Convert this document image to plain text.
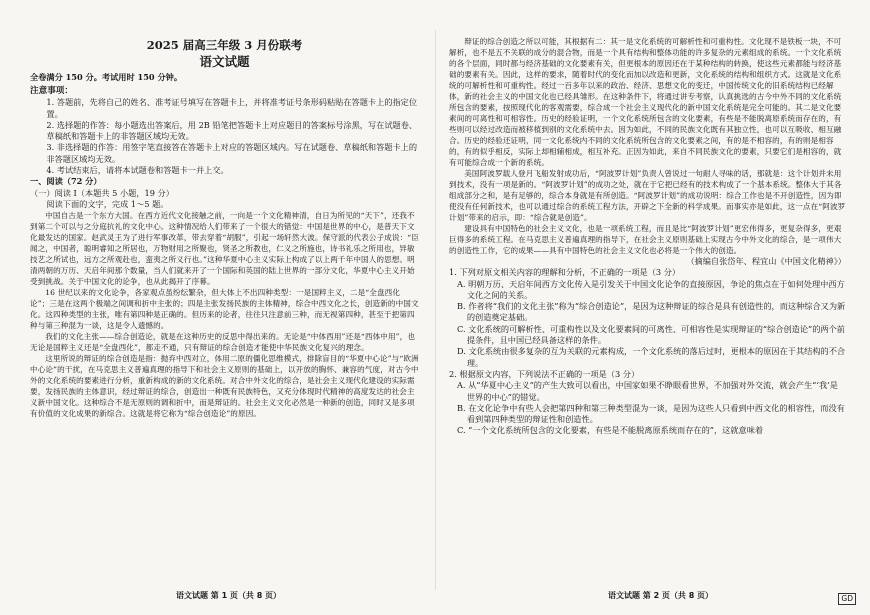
2025 届高三年级 3 月份联考
语文试题

全卷满分 150 分。考试用时 150 分钟。

注意事项：

1. 答题前，先将自己的姓名、准考证号填写在答题卡上，并将准考证号条形码粘贴在答题卡上的指定位置。

2. 选择题的作答：每小题选出答案后，用 2B 铅笔把答题卡上对应题目的答案标号涂黑，写在试题卷、草稿纸和答题卡上的非答题区域均无效。

3. 非选择题的作答：用签字笔直接答在答题卡上对应的答题区域内。写在试题卷、草稿纸和答题卡上的非答题区域均无效。

4. 考试结束后，请将本试题卷和答题卡一并上交。

一、阅读（72 分）

（一）阅读 I（本题共 5 小题，19 分）

阅读下面的文字，完成 1～5 题。

中国自古是一个东方大国。在西方近代文化接触之前，一向是一个文化精神清，自日为所见的“天下”，还我不到第二个可以与之分庭抗礼的文化中心。这种情况给人们带来了一个很大的错觉：中国是世界的中心，是普天下文化最发达的国家。赵武灵王为了进行军事改革，带去穿着“胡服”，引起一场轩然大波。保守派的代表公子成说：“臣闻之，中国者，聪明睿知之所居也，万物财用之所聚也，贤圣之所教也，仁义之所施也，诗书礼乐之所用也，异敏技艺之所试也，远方之所观赴也，蛮夷之所义行也。”这种华夏中心主义实际上构成了以上两千年中国人的思想。明清两朝的万历、天启年间那个数量，当人们就来开了一个国际和英国的陆上世界的一部分文化，华夏中心主义开始受到挑战。关于中国文化的论争，也从此揭开了序幕。

16 世纪以来的文化论争，各家观点虽纷纭繁杂，但大体上不出四种类型：一是国粹主义，二是“全盘西化论”；三是在这两个极端之间调和折中主张的；四是主张发扬民族的主体精神，综合中西文化之长，创造新的中国文化。这四种类型的主张，唯有第四种是正确的。但历来的论者，往往只注意前三种，而无视第四种，甚至于把第四种与第三种混为一谈，这是令人遗憾的。

我们的文化主张——综合创造论，就是在这种历史的反思中得出来的。无论是“中体西用”还是“西体中用”，也无论是国粹主义还是“全盘西化”，都走不通，只有辩证的综合创造才能使中华民族文化复兴的理念。

这里所说的辩证的综合创造是指：抛弃中西对立，体用二原的僵化思维模式，排除盲目的“华夏中心论”与“欧洲中心论”的干扰，在马克思主义普遍真理的指导下和社会主义原则的基础上，以开放的胸怀、兼容的气度，对古今中外的文化系统的要素进行分析，重新构成的新的文化系统。对合中外文化的综合，是社会主义现代化建设的实际需要，发扬民族的主体意识，经过辩证的综合，创造出一种既有民族特色，又充分体现时代精神的高度发达的社会主义新中国文化。这种综合不是无原则的调和折中，而是辩证的。社会主义文化必然是一种新的创造，同时又是多项有价值的文化成果的新综合。这就是将它称为“综合创造论”的原因。

辩证的综合创造之所以可能，其根据有二：其一是文化系统的可解析性和可重构性。文化现不是铁板一块，不可解析，也不是五不关联的成分的混合物，而是一个具有结构和整体功能的许多复杂的元素组成的系统。一个文化系统的各个层面，同时都与经济基础的文化要素有关，但更根本的原因还在于某种结构的转换，使这些元素都能与经济基础的要素有关。因此，这样的要求，随着时代的变化而加以改造和更新，文化系统的结构和组织方式。这就是文化系统的可解析性和可重构性。经过一百多年以来的政治、经济、思想文化的变迁，中国传统文化的旧系统结构已经解体，新的社会主义的中国文化也已经具雏形。在这种条件下，将通过讲专考察，认真挑选的古今中外不同的文化系统所包含的要素，按照现代化的客观需要，综合成一个社会主义现代化的新中国文化系统是完全可能的。其二是文化要素间的可离性和可相容性。历史的经验证明，一个文化系统所包含的文化要素，有些是不能脱离原系统而存在的，有些则可以经过改造而被移植到别的文化系统中去。因为如此，不同的民族文化既有其独立性，也可以互吸收、相互融合。历史的经验还证明，同一文化系统内不同的文化系统所包含的文化要素之间，有的是不相容的，有的则是相容的，有的似乎相反，实际上却相辅相成，相互补充。正因为如此，来自不同民族文化的要素，只要它们是相容的，就有可能综合成一个新的系统。

美国阿波罗载人登月飞船发射成功后，“阿波罗计划”负责人曾说过一句耐人寻味的话，那就是：这个计划并未用到技术，没有一项是新的。“阿波罗计划”的成功之处，就在于它把已经有的技术构成了一个基本系统。整体大于其各组成部分之和，是有足够的，综合本身就是有所创造。“阿波罗计划”的成功说明：综合工作也是不开创造性，因为即使没有任何新技术，也可以通过综合的系统工程方法，开辟之下全新的科学成果。而事实亦是如此，这一点在“阿波罗计划”带来的启示，即：“综合就是创造”。

建设具有中国特色的社会主义文化，也是一项系统工程，而且是比“阿波罗计划”更宏伟得多，更复杂得多，更艰巨得多的系统工程。在马克思主义普遍真理的指导下，在社会主义原则基础上实现古今中外文化的综合，是一项伟大的创造性工作，它的成果——具有中国特色的社会主义文化也必将是一个伟大的创造。

（摘编自张岱年、程宜山《中国文化精神》）

1. 下列对原文相关内容的理解和分析，不正确的一项是（3 分）

A. 明朝万历、天启年间西方文化传入是引发关于中国文化论争的直接原因，争论的焦点在于如何处理中西方文化之间的关系。

B. 作者将“我们的文化主张”称为“综合创造论”，是因为这种辩证的综合是具有创造性的，而这种综合又为新的创造奠定基础。

C. 文化系统的可解析性、可重构性以及文化要素间的可离性、可相容性是实现辩证的“综合创造论”的两个前提条件，且中国已经具备这样的条件。

D. 文化系统由很多复杂的互为关联的元素构成，一个文化系统的落后过时，更根本的原因在于其结构的不合理。

2. 根据原文内容，下列说法不正确的一项是（3 分）

A. 从“华夏中心主义”的产生大致可以看出，中国家如果不睁眼看世界，不加强对外交流，就会产生“‘我’是世界的中心”的错觉。

B. 在文化论争中有些人会把第四种和第三种类型混为一谈，是因为这些人只看到中西文化的相容性，而没有看到第四种类型的辩证性和创造性。

C. “一个文化系统所包含的文化要素，有些是不能脱离原系统而存在的”，这就意味着

语文试题 第 1 页（共 8 页）	语文试题 第 2 页（共 8 页）	GD
